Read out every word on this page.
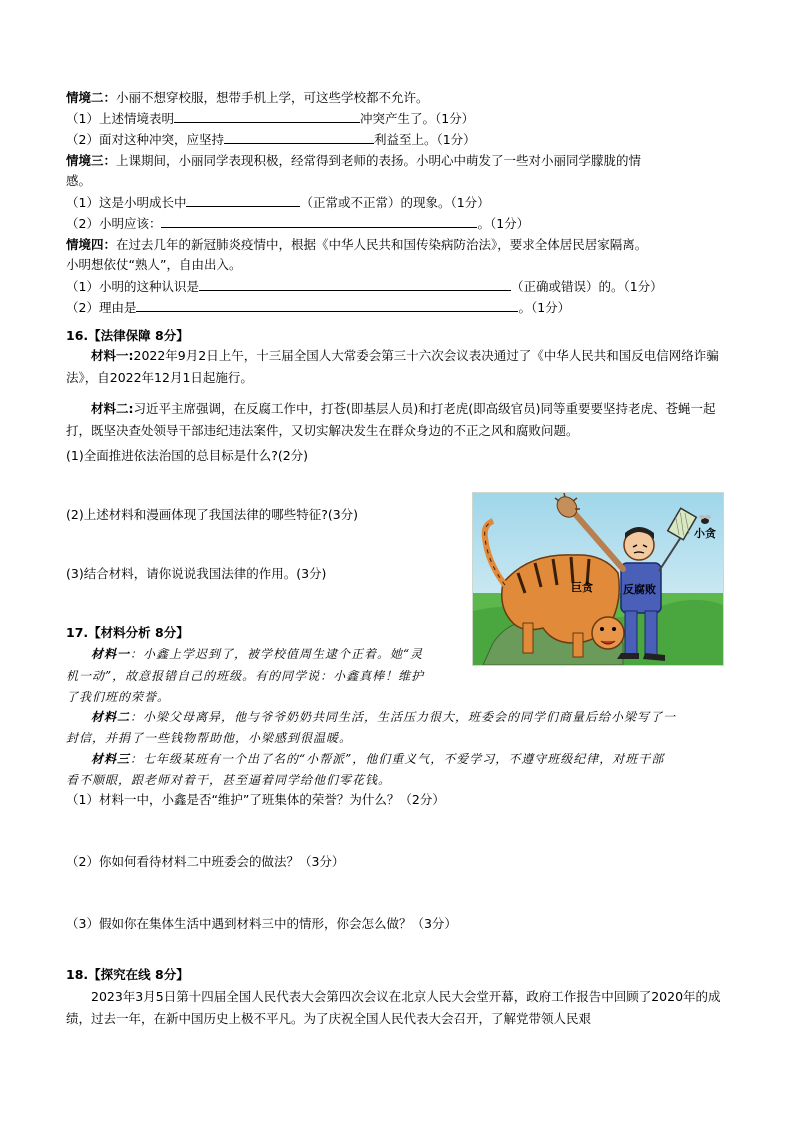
情境二：小丽不想穿校服，想带手机上学，可这些学校都不允许。
（1）上述情境表明	冲突产生了。（1分）
（2）面对这种冲突，应坚持	利益至上。（1分）
情境三：上课期间，小丽同学表现积极，经常得到老师的表扬。小明心中萌发了一些对小丽同学朦胧的情
感。
（1）这是小明成长中	（正常或不正常）的现象。（1分）
（2）小明应该：	。（1分）
情境四：在过去几年的新冠肺炎疫情中，根据《中华人民共和国传染病防治法》，要求全体居民居家隔离。
小明想依仗“熟人”，自由出入。
（1）小明的这种认识是	（正确或错误）的。（1分）
（2）理由是	。（1分）
16.【法律保障 8分】
材料一:2022年9月2日上午，十三届全国人大常委会第三十六次会议表决通过了《中华人民共和国反电信网络诈骗法》，自2022年12月1日起施行。
材料二:习近平主席强调，在反腐工作中，打苍(即基层人员)和打老虎(即高级官员)同等重要要坚持老虎、苍蝇一起打，既坚决查处领导干部违纪违法案件，又切实解决发生在群众身边的不正之风和腐败问题。
(1)全面推进依法治国的总目标是什么?(2分)
(2)上述材料和漫画体现了我国法律的哪些特征?(3分)
(3)结合材料，请你说说我国法律的作用。(3分)
小贪
巨贪	反腐败
17.【材料分析 8分】
材料一：小鑫上学迟到了，被学校值周生逮个正着。她“灵
机一动”，故意报错自己的班级。有的同学说：小鑫真棒！维护
了我们班的荣誉。
材料二：小梁父母离异，他与爷爷奶奶共同生活，生活压力很大，班委会的同学们商量后给小梁写了一
封信，并捐了一些钱物帮助他，小梁感到很温暖。
材料三：七年级某班有一个出了名的“小帮派”，他们重义气，不爱学习，不遵守班级纪律，对班干部
看不顺眼，跟老师对着干，甚至逼着同学给他们零花钱。
（1）材料一中，小鑫是否“维护”了班集体的荣誉？为什么？（2分）
（2）你如何看待材料二中班委会的做法？（3分）
（3）假如你在集体生活中遇到材料三中的情形，你会怎么做？（3分）
18.【探究在线 8分】
2023年3月5日第十四届全国人民代表大会第四次会议在北京人民大会堂开幕，政府工作报告中回顾了2020年的成绩，过去一年，在新中国历史上极不平凡。为了庆祝全国人民代表大会召开，了解党带领人民艰
